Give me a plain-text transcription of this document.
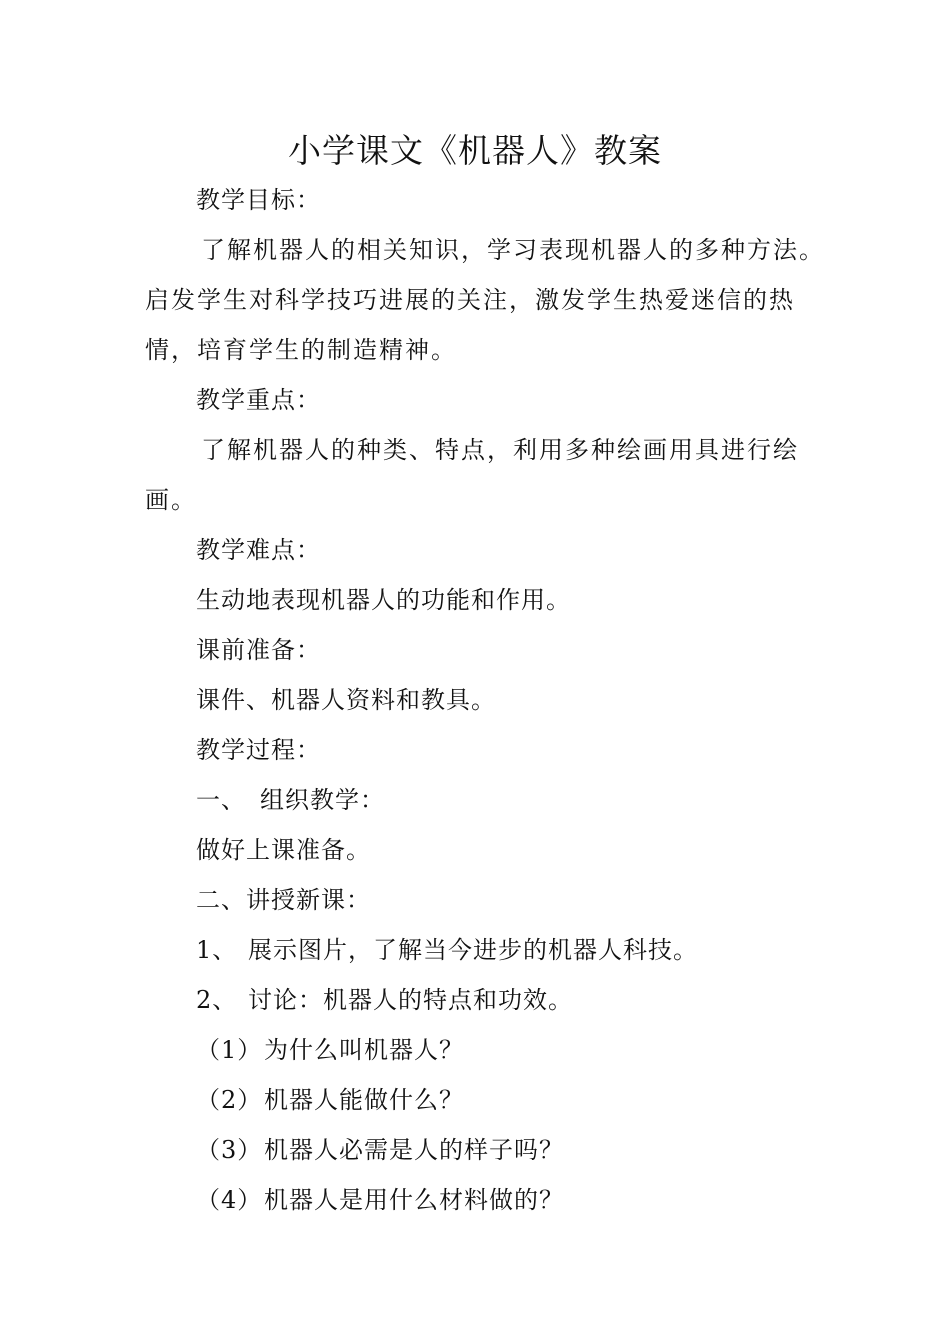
小学课文《机器人》教案

教学目标：

了解机器人的相关知识，学习表现机器人的多种方法。启发学生对科学技巧进展的关注，激发学生热爱迷信的热情，培育学生的制造精神。

教学重点：

了解机器人的种类、特点，利用多种绘画用具进行绘画。

教学难点：

生动地表现机器人的功能和作用。

课前准备：

课件、机器人资料和教具。

教学过程：

一、 组织教学：

做好上课准备。

二、讲授新课：

1、 展示图片，了解当今进步的机器人科技。

2、 讨论：机器人的特点和功效。

（1）为什么叫机器人？

（2）机器人能做什么？

（3）机器人必需是人的样子吗？

（4）机器人是用什么材料做的？
